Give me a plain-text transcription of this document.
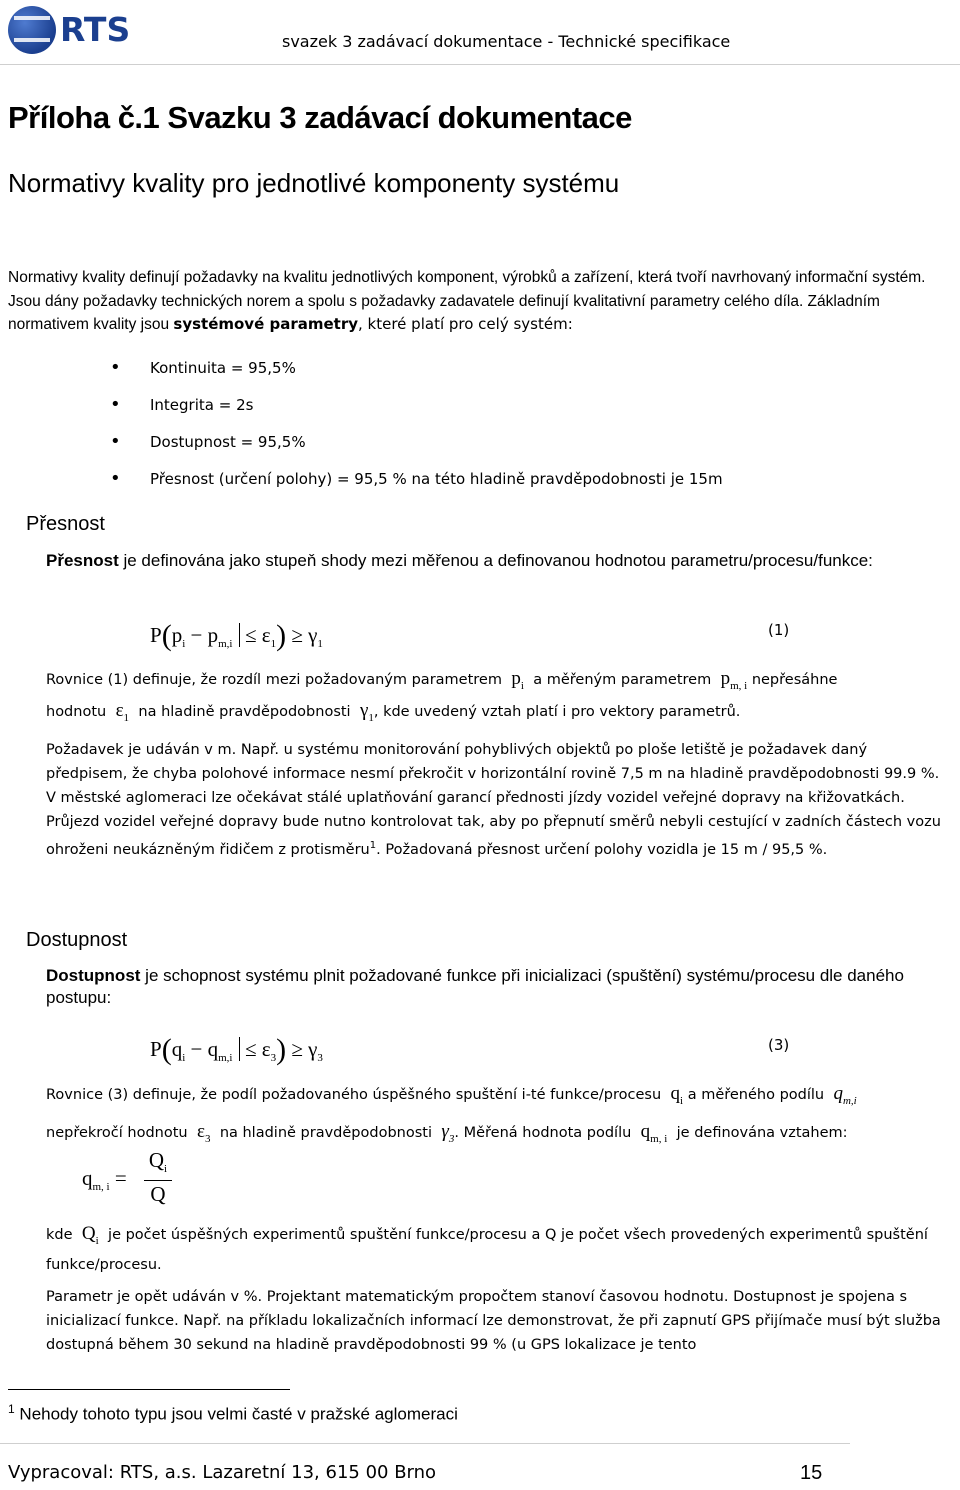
RTS	svazek 3 zadávací dokumentace - Technické specifikace
Příloha č.1 Svazku 3 zadávací dokumentace
Normativy kvality pro jednotlivé komponenty systému
Normativy kvality definují požadavky na kvalitu jednotlivých komponent, výrobků a zařízení, která tvoří navrhovaný informační systém. Jsou dány požadavky technických norem a spolu s požadavky zadavatele definují kvalitativní parametry celého díla. Základním normativem kvality jsou systémové parametry, které platí pro celý systém:
• Kontinuita = 95,5%
• Integrita = 2s
• Dostupnost = 95,5%
• Přesnost (určení polohy) = 95,5 % na této hladině pravděpodobnosti je 15m
Přesnost
Přesnost je definována jako stupeň shody mezi měřenou a definovanou hodnotou parametru/procesu/funkce:
$P(p_i - p_{m,i} \le \varepsilon_1) \ge \gamma_1$
(1)
Rovnice (1) definuje, že rozdíl mezi požadovaným parametrem  $p_i$ a měřeným parametrem  $p_{m, i}$ nepřesáhne
hodnotu  $\varepsilon_1$ na hladině pravděpodobnosti  $\gamma_1$, kde uvedený vztah platí i pro vektory parametrů.
Požadavek je udáván v m. Např. u systému monitorování pohyblivých objektů po ploše letiště je požadavek daný předpisem, že chyba polohové informace nesmí překročit v horizontální rovině 7,5 m na hladině pravděpodobnosti 99.9 %. V městské aglomeraci lze očekávat stálé uplatňování garancí přednosti jízdy vozidel veřejné dopravy na křižovatkách. Průjezd vozidel veřejné dopravy bude nutno kontrolovat tak, aby po přepnutí směrů nebyli cestující v zadních částech vozu ohroženi neukázněným řidičem z protisměru$^1$. Požadovaná přesnost určení polohy vozidla je 15 m / 95,5 %.
Dostupnost
Dostupnost je schopnost systému plnit požadované funkce při inicializaci (spuštění) systému/procesu dle daného postupu:
$P(q_i - q_{m,i} \le \varepsilon_3) \ge \gamma_3$
(3)
Rovnice (3) definuje, že podíl požadovaného úspěšného spuštění i-té funkce/procesu  $q_i$ a měřeného podílu  $q_{m,i}$
nepřekročí hodnotu  $\varepsilon_3$ na hladině pravděpodobnosti  $\gamma_3$. Měřená hodnota podílu  $q_{m, i}$ je definována vztahem:
$q_{m, i}$ =
$Q_i$
Q
kde  $Q_i$ je počet úspěšných experimentů spuštění funkce/procesu a Q je počet všech provedených experimentů spuštění funkce/procesu.
Parametr je opět udáván v %. Projektant matematickým propočtem stanoví časovou hodnotu. Dostupnost je spojena s inicializací funkce. Např. na příkladu lokalizačních informací lze demonstrovat, že při zapnutí GPS přijímače musí být služba dostupná během 30 sekund na hladině pravděpodobnosti 99 % (u GPS lokalizace je tento
$^1$ Nehody tohoto typu jsou velmi časté v pražské aglomeraci
Vypracoval: RTS, a.s. Lazaretní 13, 615 00 Brno	15
